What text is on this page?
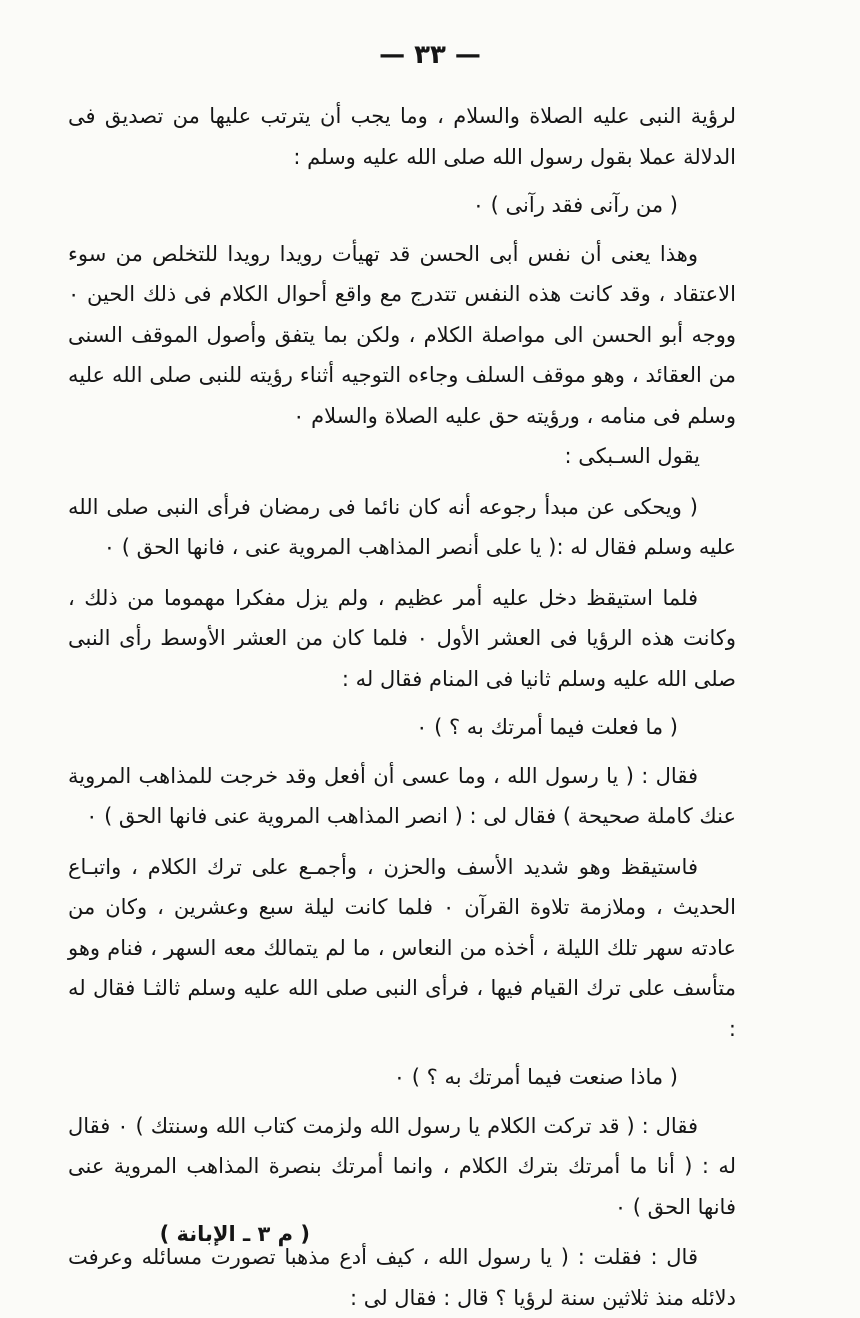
— ٣٣ —

لرؤية النبى عليه الصلاة والسلام ، وما يجب أن يترتب عليها من تصديق فى الدلالة عملا بقول رسول الله صلى الله عليه وسلم :

( من رآنى فقد رآنى ) ٠

وهذا يعنى أن نفس أبى الحسن قد تهيأت رويدا رويدا للتخلص من سوء الاعتقاد ، وقد كانت هذه النفس تتدرج مع واقع أحوال الكلام فى ذلك الحين ٠ ووجه أبو الحسن الى مواصلة الكلام ، ولكن بما يتفق وأصول الموقف السنى من العقائد ، وهو موقف السلف وجاءه التوجيه أثناء رؤيته للنبى صلى الله عليه وسلم فى منامه ، ورؤيته حق عليه الصلاة والسلام ٠

يقول السـبكى :

( ويحكى عن مبدأ رجوعه أنه كان نائما فى رمضان فرأى النبى صلى الله عليه وسلم فقال له :( يا على أنصر المذاهب المروية عنى ، فانها الحق ) ٠

فلما استيقظ دخل عليه أمر عظيم ، ولم يزل مفكرا مهموما من ذلك ، وكانت هذه الرؤيا فى العشر الأول ٠ فلما كان من العشر الأوسط رأى النبى صلى الله عليه وسلم ثانيا فى المنام فقال له :

( ما فعلت فيما أمرتك به ؟ ) ٠

فقال : ( يا رسول الله ، وما عسى أن أفعل وقد خرجت للمذاهب المروية عنك كاملة صحيحة ) فقال لى : ( انصر المذاهب المروية عنى فانها الحق ) ٠

فاستيقظ وهو شديد الأسف والحزن ، وأجمـع على ترك الكلام ، واتبـاع الحديث ، وملازمة تلاوة القرآن ٠ فلما كانت ليلة سبع وعشرين ، وكان من عادته سهر تلك الليلة ، أخذه من النعاس ، ما لم يتمالك معه السهر ، فنام وهو متأسف على ترك القيام فيها ، فرأى النبى صلى الله عليه وسلم ثالثـا فقال له :

( ماذا صنعت فيما أمرتك به ؟ ) ٠

فقال : ( قد تركت الكلام يا رسول الله ولزمت كتاب الله وسنتك ) ٠ فقال له : ( أنا ما أمرتك بترك الكلام ، وانما أمرتك بنصرة المذاهب المروية عنى فانها الحق ) ٠

قال : فقلت : ( يا رسول الله ، كيف أدع مذهبا تصورت مسائله وعرفت دلائله منذ ثلاثين سنة لرؤيا ؟ قال : فقال لى :

( م ٣ ـ الإبانة )
